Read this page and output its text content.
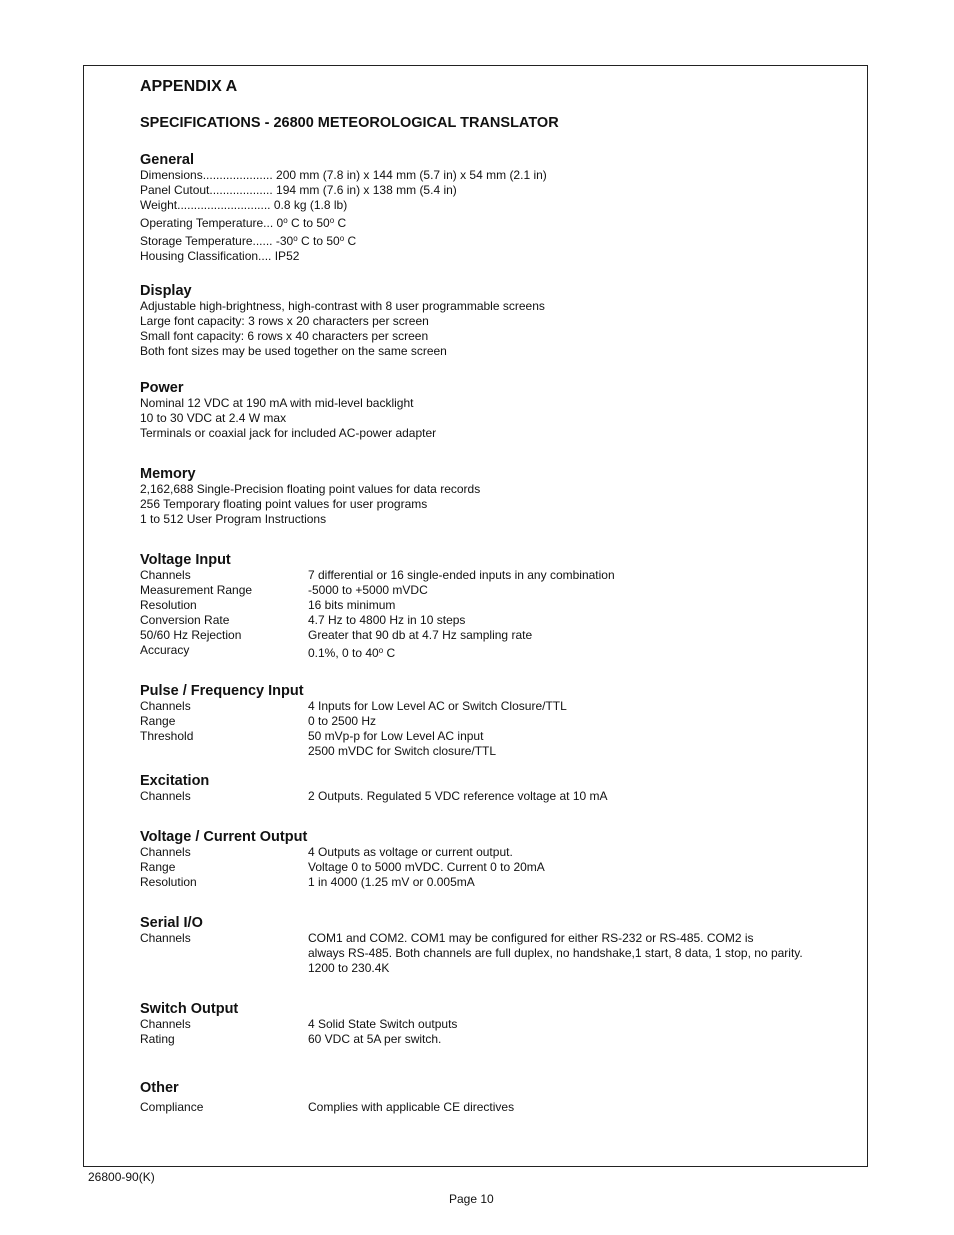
APPENDIX A
SPECIFICATIONS - 26800 METEOROLOGICAL TRANSLATOR
General
Dimensions..................... 200 mm (7.8 in) x 144 mm (5.7 in) x 54 mm (2.1 in)
Panel Cutout................... 194 mm (7.6 in) x 138 mm (5.4 in)
Weight............................ 0.8 kg (1.8 lb)
Operating Temperature... 0$^o$ C to 50$^o$ C
Storage Temperature...... -30$^o$ C to 50$^o$ C
Housing Classification.... IP52
Display
Adjustable high-brightness, high-contrast with 8 user programmable screens
Large font capacity: 3 rows x 20 characters per screen
Small font capacity: 6 rows x 40 characters per screen
Both font sizes may be used together on the same screen
Power
Nominal 12 VDC at 190 mA with mid-level backlight
10 to 30 VDC at 2.4 W max
Terminals or coaxial jack for included AC-power adapter
Memory
2,162,688 Single-Precision floating point values for data records
256 Temporary floating point values for user programs
1 to 512 User Program Instructions
Voltage Input
Channels	7 differential or 16 single-ended inputs in any combination
Measurement Range	-5000 to +5000 mVDC
Resolution	16 bits minimum
Conversion Rate	4.7 Hz to 4800 Hz in 10 steps
50/60 Hz Rejection	Greater that 90 db at 4.7 Hz sampling rate
Accuracy	0.1%, 0 to 40$^o$ C
Pulse / Frequency Input
Channels	4 Inputs for Low Level AC or Switch Closure/TTL
Range	0 to 2500 Hz
Threshold	50 mVp-p for Low Level AC input
2500 mVDC for Switch closure/TTL
Excitation
Channels	2 Outputs. Regulated 5 VDC reference voltage at 10 mA
Voltage / Current Output
Channels	4 Outputs as voltage or current output.
Range	Voltage 0 to 5000 mVDC. Current 0 to 20mA
Resolution	1 in 4000 (1.25 mV or 0.005mA
Serial I/O
Channels	COM1 and COM2. COM1 may be configured for either RS-232 or RS-485. COM2 is
always RS-485. Both channels are full duplex, no handshake,1 start, 8 data, 1 stop, no parity.
1200 to 230.4K
Switch Output
Channels	4 Solid State Switch outputs
Rating	60 VDC at 5A per switch.
Other
Compliance	Complies with applicable CE directives
26800-90(K)
Page 10
